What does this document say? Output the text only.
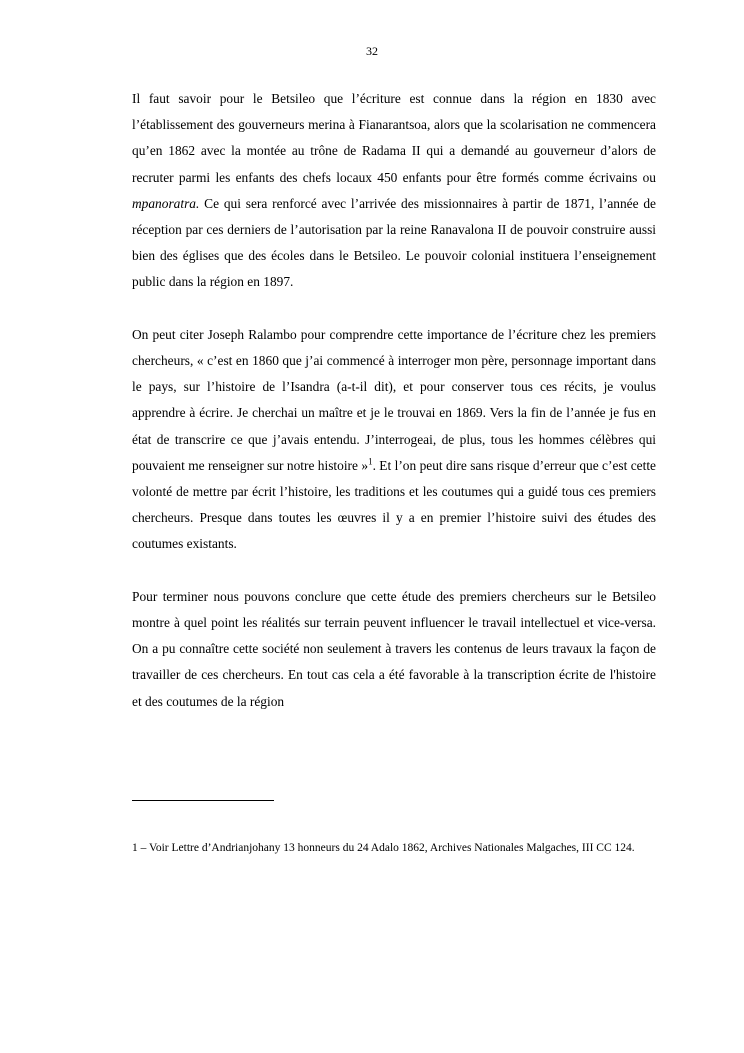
32

Il faut savoir pour le Betsileo que l’écriture est connue dans la région en 1830 avec l’établissement des gouverneurs merina à Fianarantsoa, alors que la scolarisation ne commencera qu’en 1862 avec la montée au trône de Radama II qui a demandé au gouverneur d’alors de recruter parmi les enfants des chefs locaux 450 enfants pour être formés comme écrivains ou mpanoratra. Ce qui sera renforcé avec l’arrivée des missionnaires à partir de 1871, l’année de réception par ces derniers de l’autorisation par la reine Ranavalona II de pouvoir construire aussi bien des églises que des écoles dans le Betsileo. Le pouvoir colonial instituera l’enseignement public dans la région en 1897.

On peut citer Joseph Ralambo pour comprendre cette importance de l’écriture chez les premiers chercheurs, « c’est en 1860 que j’ai commencé à interroger mon père, personnage important dans le pays, sur l’histoire de l’Isandra (a-t-il dit), et pour conserver tous ces récits, je voulus apprendre à écrire. Je cherchai un maître et je le trouvai en 1869. Vers la fin de l’année je fus en état de transcrire ce que j’avais entendu. J’interrogeai, de plus, tous les hommes célèbres qui pouvaient me renseigner sur notre histoire »$^1$. Et l’on peut dire sans risque d’erreur que c’est cette volonté de mettre par écrit l’histoire, les traditions et les coutumes qui a guidé tous ces premiers chercheurs. Presque dans toutes les œuvres il y a en premier l’histoire suivi des études des coutumes existants.

Pour terminer nous pouvons conclure que cette étude des premiers chercheurs sur le Betsileo montre à quel point les réalités sur terrain peuvent influencer le travail intellectuel et vice-versa. On a pu connaître cette société non seulement à travers les contenus de leurs travaux la façon de travailler de ces chercheurs. En tout cas cela a été favorable à la transcription écrite de l'histoire et des coutumes de la région

1 – Voir Lettre d’Andrianjohany 13 honneurs du 24 Adalo 1862, Archives Nationales Malgaches, III CC 124.
